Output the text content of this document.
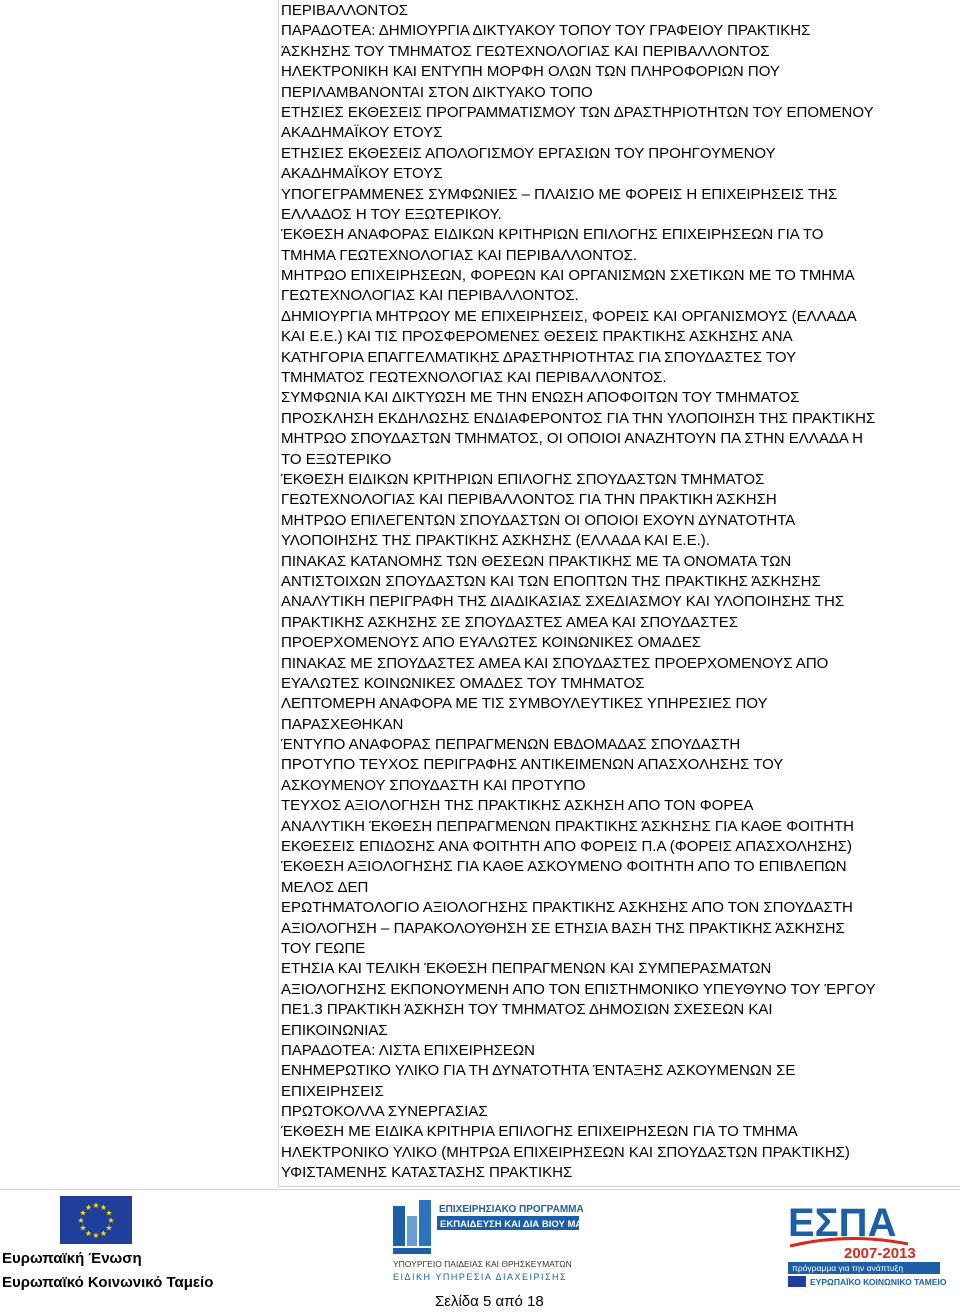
ΠΕΡΙΒΑΛΛΟΝΤΟΣ
ΠΑΡΑΔΟΤΕΑ: ΔΗΜΙΟΥΡΓΙΑ ΔΙΚΤΥΑΚΟΥ ΤΟΠΟΥ ΤΟΥ ΓΡΑΦΕΙΟΥ ΠΡΑΚΤΙΚΗΣ
ΆΣΚΗΣΗΣ ΤΟΥ ΤΜΗΜΑΤΟΣ ΓΕΩΤΕΧΝΟΛΟΓΙΑΣ ΚΑΙ ΠΕΡΙΒΑΛΛΟΝΤΟΣ
ΗΛΕΚΤΡΟΝΙΚΗ ΚΑΙ ΕΝΤΥΠΗ ΜΟΡΦΗ ΟΛΩΝ ΤΩΝ ΠΛΗΡΟΦΟΡΙΩΝ ΠΟΥ
ΠΕΡΙΛΑΜΒΑΝΟΝΤΑΙ ΣΤΟΝ ΔΙΚΤΥΑΚΟ ΤΟΠΟ
ΕΤΗΣΙΕΣ ΕΚΘΕΣΕΙΣ ΠΡΟΓΡΑΜΜΑΤΙΣΜΟΥ ΤΩΝ ΔΡΑΣΤΗΡΙΟΤΗΤΩΝ ΤΟΥ ΕΠΟΜΕΝΟΥ
ΑΚΑΔΗΜΑΪΚΟΥ ΕΤΟΥΣ
ΕΤΗΣΙΕΣ ΕΚΘΕΣΕΙΣ ΑΠΟΛΟΓΙΣΜΟΥ ΕΡΓΑΣΙΩΝ ΤΟΥ ΠΡΟΗΓΟΥΜΕΝΟΥ
ΑΚΑΔΗΜΑΪΚΟΥ ΕΤΟΥΣ
ΥΠΟΓΕΓΡΑΜΜΕΝΕΣ ΣΥΜΦΩΝΙΕΣ – ΠΛΑΙΣΙΟ ΜΕ ΦΟΡΕΙΣ Η ΕΠΙΧΕΙΡΗΣΕΙΣ ΤΗΣ
ΕΛΛΑΔΟΣ Η ΤΟΥ ΕΞΩΤΕΡΙΚΟΥ.
ΈΚΘΕΣΗ ΑΝΑΦΟΡΑΣ ΕΙΔΙΚΩΝ ΚΡΙΤΗΡΙΩΝ ΕΠΙΛΟΓΗΣ ΕΠΙΧΕΙΡΗΣΕΩΝ ΓΙΑ ΤΟ
ΤΜΗΜΑ ΓΕΩΤΕΧΝΟΛΟΓΙΑΣ ΚΑΙ ΠΕΡΙΒΑΛΛΟΝΤΟΣ.
ΜΗΤΡΩΟ ΕΠΙΧΕΙΡΗΣΕΩΝ, ΦΟΡΕΩΝ ΚΑΙ ΟΡΓΑΝΙΣΜΩΝ ΣΧΕΤΙΚΩΝ ΜΕ ΤΟ ΤΜΗΜΑ
ΓΕΩΤΕΧΝΟΛΟΓΙΑΣ ΚΑΙ ΠΕΡΙΒΑΛΛΟΝΤΟΣ.
ΔΗΜΙΟΥΡΓΙΑ ΜΗΤΡΩΟΥ ΜΕ ΕΠΙΧΕΙΡΗΣΕΙΣ, ΦΟΡΕΙΣ ΚΑΙ ΟΡΓΑΝΙΣΜΟΥΣ (ΕΛΛΑΔΑ
ΚΑΙ Ε.Ε.) ΚΑΙ ΤΙΣ ΠΡΟΣΦΕΡΟΜΕΝΕΣ ΘΕΣΕΙΣ ΠΡΑΚΤΙΚΗΣ ΑΣΚΗΣΗΣ ΑΝΑ
ΚΑΤΗΓΟΡΙΑ ΕΠΑΓΓΕΛΜΑΤΙΚΗΣ ΔΡΑΣΤΗΡΙΟΤΗΤΑΣ ΓΙΑ ΣΠΟΥΔΑΣΤΕΣ ΤΟΥ
ΤΜΗΜΑΤΟΣ ΓΕΩΤΕΧΝΟΛΟΓΙΑΣ ΚΑΙ ΠΕΡΙΒΑΛΛΟΝΤΟΣ.
ΣΥΜΦΩΝΙΑ ΚΑΙ ΔΙΚΤΥΩΣΗ ΜΕ ΤΗΝ ΕΝΩΣΗ ΑΠΟΦΟΙΤΩΝ ΤΟΥ ΤΜΗΜΑΤΟΣ
ΠΡΟΣΚΛΗΣΗ ΕΚΔΗΛΩΣΗΣ ΕΝΔΙΑΦΕΡΟΝΤΟΣ ΓΙΑ ΤΗΝ ΥΛΟΠΟΙΗΣΗ ΤΗΣ ΠΡΑΚΤΙΚΗΣ
ΜΗΤΡΩΟ ΣΠΟΥΔΑΣΤΩΝ ΤΜΗΜΑΤΟΣ, ΟΙ ΟΠΟΙΟΙ ΑΝΑΖΗΤΟΥΝ ΠΑ ΣΤΗΝ ΕΛΛΑΔΑ Η
ΤΟ ΕΞΩΤΕΡΙΚΟ
ΈΚΘΕΣΗ ΕΙΔΙΚΩΝ ΚΡΙΤΗΡΙΩΝ ΕΠΙΛΟΓΗΣ ΣΠΟΥΔΑΣΤΩΝ ΤΜΗΜΑΤΟΣ
ΓΕΩΤΕΧΝΟΛΟΓΙΑΣ ΚΑΙ ΠΕΡΙΒΑΛΛΟΝΤΟΣ ΓΙΑ ΤΗΝ ΠΡΑΚΤΙΚΗ ΆΣΚΗΣΗ
ΜΗΤΡΩΟ ΕΠΙΛΕΓΕΝΤΩΝ ΣΠΟΥΔΑΣΤΩΝ ΟΙ ΟΠΟΙΟΙ ΕΧΟΥΝ ΔΥΝΑΤΟΤΗΤΑ
ΥΛΟΠΟΙΗΣΗΣ ΤΗΣ ΠΡΑΚΤΙΚΗΣ ΑΣΚΗΣΗΣ (ΕΛΛΑΔΑ ΚΑΙ Ε.Ε.).
ΠΙΝΑΚΑΣ ΚΑΤΑΝΟΜΗΣ ΤΩΝ ΘΕΣΕΩΝ ΠΡΑΚΤΙΚΗΣ ΜΕ ΤΑ ΟΝΟΜΑΤΑ ΤΩΝ
ΑΝΤΙΣΤΟΙΧΩΝ ΣΠΟΥΔΑΣΤΩΝ ΚΑΙ ΤΩΝ ΕΠΟΠΤΩΝ ΤΗΣ ΠΡΑΚΤΙΚΗΣ ΆΣΚΗΣΗΣ
ΑΝΑΛΥΤΙΚΗ ΠΕΡΙΓΡΑΦΗ ΤΗΣ ΔΙΑΔΙΚΑΣΙΑΣ ΣΧΕΔΙΑΣΜΟΥ ΚΑΙ ΥΛΟΠΟΙΗΣΗΣ ΤΗΣ
ΠΡΑΚΤΙΚΗΣ ΑΣΚΗΣΗΣ ΣΕ ΣΠΟΥΔΑΣΤΕΣ ΑΜΕΑ ΚΑΙ ΣΠΟΥΔΑΣΤΕΣ
ΠΡΟΕΡΧΟΜΕΝΟΥΣ ΑΠΟ ΕΥΑΛΩΤΕΣ ΚΟΙΝΩΝΙΚΕΣ ΟΜΑΔΕΣ
ΠΙΝΑΚΑΣ ΜΕ ΣΠΟΥΔΑΣΤΕΣ ΑΜΕΑ ΚΑΙ ΣΠΟΥΔΑΣΤΕΣ ΠΡΟΕΡΧΟΜΕΝΟΥΣ ΑΠΟ
ΕΥΑΛΩΤΕΣ ΚΟΙΝΩΝΙΚΕΣ ΟΜΑΔΕΣ ΤΟΥ ΤΜΗΜΑΤΟΣ
ΛΕΠΤΟΜΕΡΗ ΑΝΑΦΟΡΑ ΜΕ ΤΙΣ ΣΥΜΒΟΥΛΕΥΤΙΚΕΣ ΥΠΗΡΕΣΙΕΣ ΠΟΥ
ΠΑΡΑΣΧΕΘΗΚΑΝ
ΈΝΤΥΠΟ ΑΝΑΦΟΡΑΣ ΠΕΠΡΑΓΜΕΝΩΝ ΕΒΔΟΜΑΔΑΣ ΣΠΟΥΔΑΣΤΗ
ΠΡΟΤΥΠΟ ΤΕΥΧΟΣ ΠΕΡΙΓΡΑΦΗΣ ΑΝΤΙΚΕΙΜΕΝΩΝ ΑΠΑΣΧΟΛΗΣΗΣ ΤΟΥ
ΑΣΚΟΥΜΕΝΟΥ ΣΠΟΥΔΑΣΤΗ ΚΑΙ ΠΡΟΤΥΠΟ
ΤΕΥΧΟΣ ΑΞΙΟΛΟΓΗΣΗ ΤΗΣ ΠΡΑΚΤΙΚΗΣ ΑΣΚΗΣΗ ΑΠΟ ΤΟΝ ΦΟΡΕΑ
ΑΝΑΛΥΤΙΚΗ ΈΚΘΕΣΗ ΠΕΠΡΑΓΜΕΝΩΝ ΠΡΑΚΤΙΚΗΣ ΆΣΚΗΣΗΣ ΓΙΑ ΚΑΘΕ ΦΟΙΤΗΤΗ
ΕΚΘΕΣΕΙΣ ΕΠΙΔΟΣΗΣ ΑΝΑ ΦΟΙΤΗΤΗ ΑΠΟ ΦΟΡΕΙΣ Π.Α (ΦΟΡΕΙΣ ΑΠΑΣΧΟΛΗΣΗΣ)
ΈΚΘΕΣΗ ΑΞΙΟΛΟΓΗΣΗΣ ΓΙΑ ΚΑΘΕ ΑΣΚΟΥΜΕΝΟ ΦΟΙΤΗΤΗ ΑΠΟ ΤΟ ΕΠΙΒΛΕΠΩΝ
ΜΕΛΟΣ ΔΕΠ
ΕΡΩΤΗΜΑΤΟΛΟΓΙΟ ΑΞΙΟΛΟΓΗΣΗΣ ΠΡΑΚΤΙΚΗΣ ΑΣΚΗΣΗΣ ΑΠΟ ΤΟΝ ΣΠΟΥΔΑΣΤΗ
ΑΞΙΟΛΟΓΗΣΗ – ΠΑΡΑΚΟΛΟΥΘΗΣΗ ΣΕ ΕΤΗΣΙΑ ΒΑΣΗ ΤΗΣ ΠΡΑΚΤΙΚΗΣ ΆΣΚΗΣΗΣ
ΤΟΥ ΓΕΩΠΕ
ΕΤΗΣΙΑ ΚΑΙ ΤΕΛΙΚΗ ΈΚΘΕΣΗ ΠΕΠΡΑΓΜΕΝΩΝ ΚΑΙ ΣΥΜΠΕΡΑΣΜΑΤΩΝ
ΑΞΙΟΛΟΓΗΣΗΣ ΕΚΠΟΝΟΥΜΕΝΗ ΑΠΟ ΤΟΝ ΕΠΙΣΤΗΜΟΝΙΚΟ ΥΠΕΥΘΥΝΟ ΤΟΥ ΈΡΓΟΥ
ΠΕ1.3 ΠΡΑΚΤΙΚΗ ΆΣΚΗΣΗ ΤΟΥ ΤΜΗΜΑΤΟΣ ΔΗΜΟΣΙΩΝ ΣΧΕΣΕΩΝ ΚΑΙ
ΕΠΙΚΟΙΝΩΝΙΑΣ
ΠΑΡΑΔΟΤΕΑ: ΛΙΣΤΑ ΕΠΙΧΕΙΡΗΣΕΩΝ
ΕΝΗΜΕΡΩΤΙΚΟ ΥΛΙΚΟ ΓΙΑ ΤΗ ΔΥΝΑΤΟΤΗΤΑ ΈΝΤΑΞΗΣ ΑΣΚΟΥΜΕΝΩΝ ΣΕ
ΕΠΙΧΕΙΡΗΣΕΙΣ
ΠΡΩΤΟΚΟΛΛΑ ΣΥΝΕΡΓΑΣΙΑΣ
ΈΚΘΕΣΗ ΜΕ ΕΙΔΙΚΑ ΚΡΙΤΗΡΙΑ ΕΠΙΛΟΓΗΣ ΕΠΙΧΕΙΡΗΣΕΩΝ ΓΙΑ ΤΟ ΤΜΗΜΑ
ΗΛΕΚΤΡΟΝΙΚΟ ΥΛΙΚΟ (ΜΗΤΡΩΑ ΕΠΙΧΕΙΡΗΣΕΩΝ ΚΑΙ ΣΠΟΥΔΑΣΤΩΝ ΠΡΑΚΤΙΚΗΣ)
ΥΦΙΣΤΑΜΕΝΗΣ ΚΑΤΑΣΤΑΣΗΣ ΠΡΑΚΤΙΚΗΣ
★
★
★
★
★
★
★
★
★ ★ ★
★
Ευρωπαϊκή Ένωση
Ευρωπαϊκό Κοινωνικό Ταμείο
ΕΠΙΧΕΙΡΗΣΙΑΚΟ ΠΡΟΓΡΑΜΜΑ
ΕΚΠΑΙΔΕΥΣΗ ΚΑΙ ΔΙΑ ΒΙΟΥ ΜΑΘΗΣΗ
ΥΠΟΥΡΓΕΙΟ ΠΑΙΔΕΙΑΣ ΚΑΙ ΘΡΗΣΚΕΥΜΑΤΩΝ
ΕΙΔΙΚΗ ΥΠΗΡΕΣΙΑ ΔΙΑΧΕΙΡΙΣΗΣ
ΕΣΠΑ
2007-2013
πρόγραμμα για την ανάπτυξη
ΕΥΡΩΠΑΪΚΟ ΚΟΙΝΩΝΙΚΟ ΤΑΜΕΙΟ
Σελίδα 5 από 18
